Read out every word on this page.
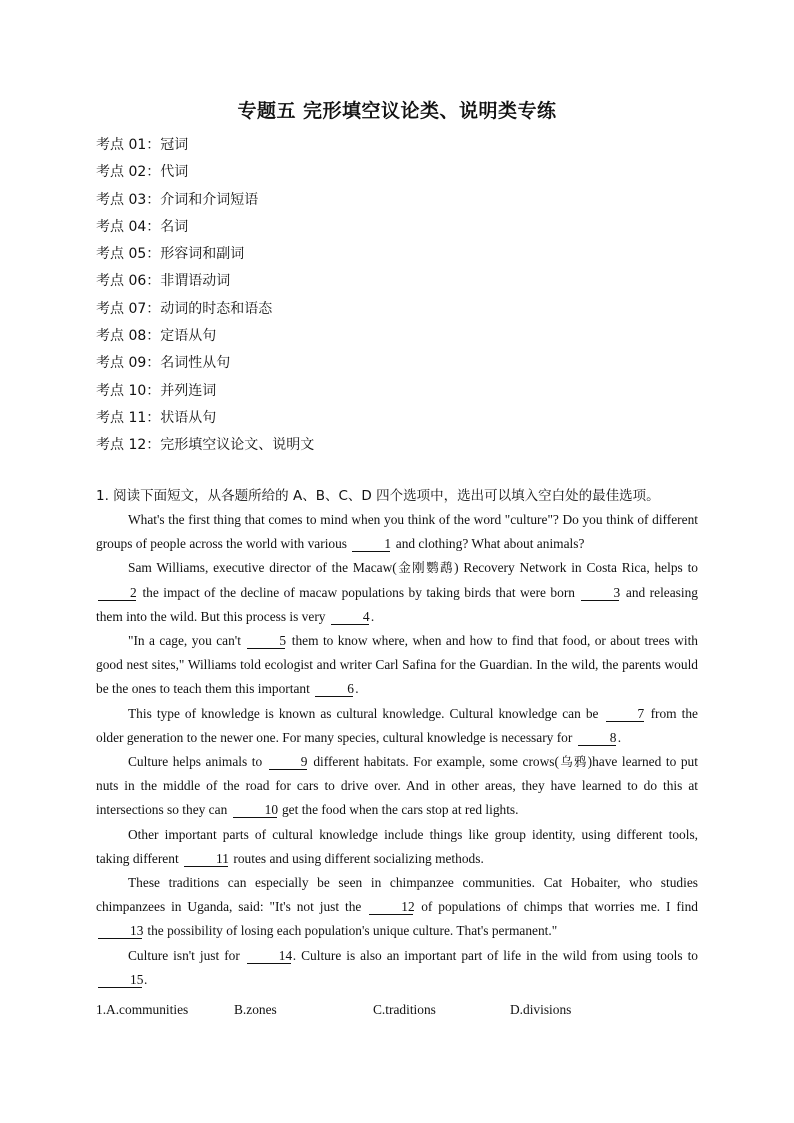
专题五 完形填空议论类、说明类专练
考点 01：冠词
考点 02：代词
考点 03：介词和介词短语
考点 04：名词
考点 05：形容词和副词
考点 06：非谓语动词
考点 07：动词的时态和语态
考点 08：定语从句
考点 09：名词性从句
考点 10：并列连词
考点 11：状语从句
考点 12：完形填空议论文、说明文
1. 阅读下面短文，从各题所给的 A、B、C、D 四个选项中，选出可以填入空白处的最佳选项。

What's the first thing that comes to mind when you think of the word "culture"? Do you think of different groups of people across the world with various	1 and clothing? What about animals?

Sam Williams, executive director of the Macaw(金刚鹦鹉) Recovery Network in Costa Rica, helps to 2 the impact of the decline of macaw populations by taking birds that were born	3 and releasing them into the wild. But this process is very	4.

"In a cage, you can't	5 them to know where, when and how to find that food, or about trees with good nest sites," Williams told ecologist and writer Carl Safina for the Guardian. In the wild, the parents would be the ones to teach them this important	6.

This type of knowledge is known as cultural knowledge. Cultural knowledge can be	7 from the older generation to the newer one. For many species, cultural knowledge is necessary for	8.

Culture helps animals to	9 different habitats. For example, some crows(乌鸦)have learned to put nuts in the middle of the road for cars to drive over. And in other areas, they have learned to do this at intersections so they can	10 get the food when the cars stop at red lights.

Other important parts of cultural knowledge include things like group identity, using different tools, taking different	11 routes and using different socializing methods.

These traditions can especially be seen in chimpanzee communities. Cat Hobaiter, who studies chimpanzees in Uganda, said: "It's not just the	12 of populations of chimps that worries me. I find 13 the possibility of losing each population's unique culture. That's permanent."

Culture isn't just for	14. Culture is also an important part of life in the wild from using tools to 15.

1.A.communities	B.zones	C.traditions	D.divisions
